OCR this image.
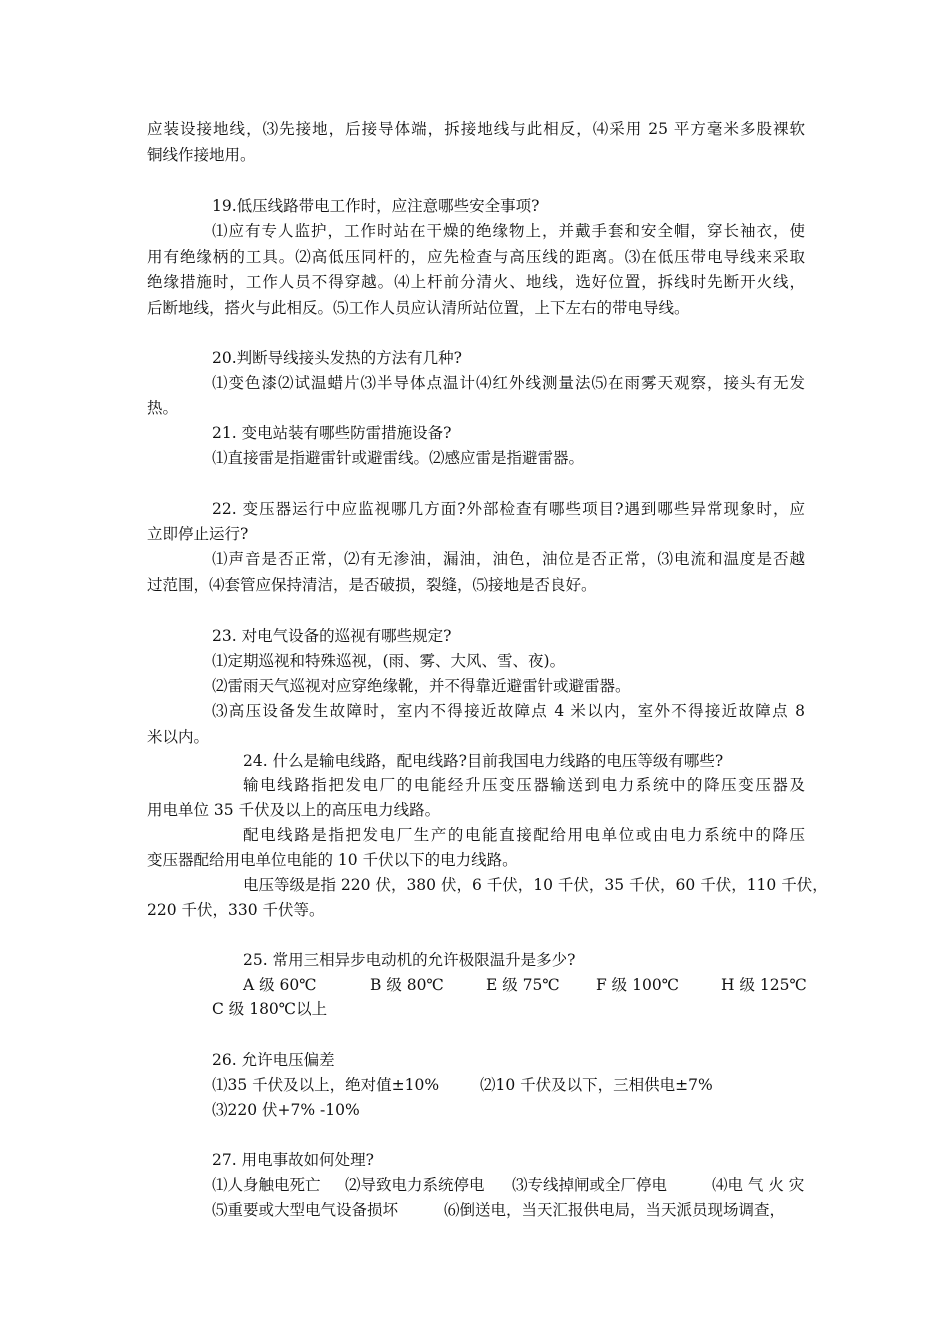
应装设接地线，⑶先接地，后接导体端，拆接地线与此相反，⑷采用 25 平方毫米多股裸软
铜线作接地用。
19.低压线路带电工作时，应注意哪些安全事项?
⑴应有专人监护，工作时站在干燥的绝缘物上，并戴手套和安全帽，穿长袖衣，使
用有绝缘柄的工具。⑵高低压同杆的，应先检查与高压线的距离。⑶在低压带电导线来采取
绝缘措施时，工作人员不得穿越。⑷上杆前分清火、地线，选好位置，拆线时先断开火线，
后断地线，搭火与此相反。⑸工作人员应认清所站位置，上下左右的带电导线。
20.判断导线接头发热的方法有几种?
⑴变色漆⑵试温蜡片⑶半导体点温计⑷红外线测量法⑸在雨雾天观察，接头有无发
热。
21. 变电站装有哪些防雷措施设备?
⑴直接雷是指避雷针或避雷线。⑵感应雷是指避雷器。
22. 变压器运行中应监视哪几方面?外部检查有哪些项目?遇到哪些异常现象时，应
立即停止运行?
⑴声音是否正常，⑵有无渗油，漏油，油色，油位是否正常，⑶电流和温度是否越
过范围，⑷套管应保持清洁，是否破损，裂缝，⑸接地是否良好。
23. 对电气设备的巡视有哪些规定?
⑴定期巡视和特殊巡视，(雨、雾、大风、雪、夜)。
⑵雷雨天气巡视对应穿绝缘靴，并不得靠近避雷针或避雷器。
⑶高压设备发生故障时，室内不得接近故障点 4 米以内，室外不得接近故障点 8
米以内。
24. 什么是输电线路，配电线路?目前我国电力线路的电压等级有哪些?
输电线路指把发电厂的电能经升压变压器输送到电力系统中的降压变压器及
用电单位 35 千伏及以上的高压电力线路。
配电线路是指把发电厂生产的电能直接配给用电单位或由电力系统中的降压
变压器配给用电单位电能的 10 千伏以下的电力线路。
电压等级是指 220 伏，380 伏，6 千伏，10 千伏，35 千伏，60 千伏，110 千伏，
220 千伏，330 千伏等。
25. 常用三相异步电动机的允许极限温升是多少?
A 级 60℃	B 级 80℃	E 级 75℃ F 级 100℃	H 级 125℃
C 级 180℃以上
26. 允许电压偏差
⑴35 千伏及以上，绝对值±10%	⑵10 千伏及以下，三相供电±7%
⑶220 伏+7% -10%
27. 用电事故如何处理?
⑴人身触电死亡 ⑵导致电力系统停电 ⑶专线掉闸或全厂停电	⑷电 气 火 灾
⑸重要或大型电气设备损坏	⑹倒送电，当天汇报供电局，当天派员现场调查，
